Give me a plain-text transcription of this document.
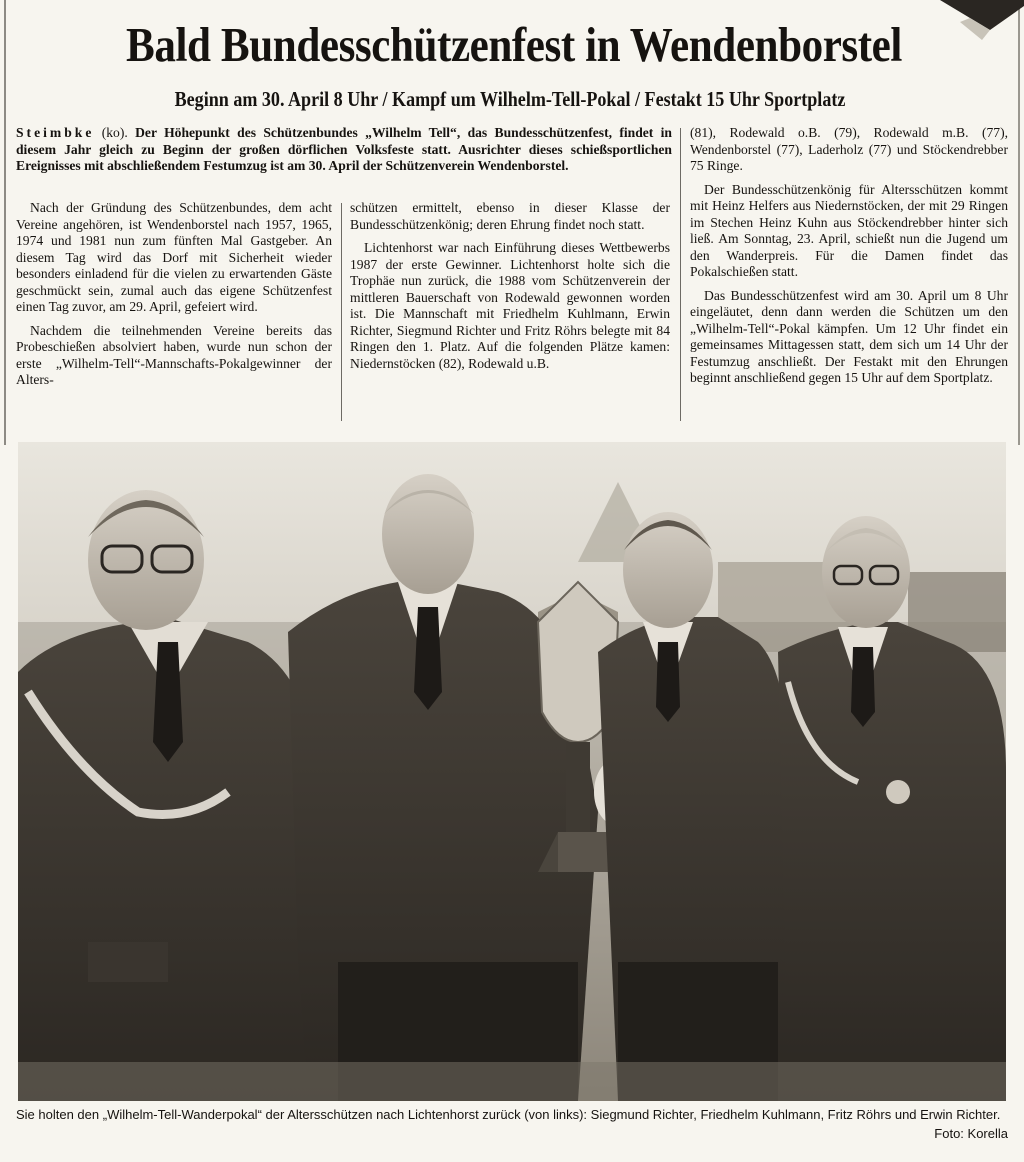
Bald Bundesschützenfest in Wendenborstel
Beginn am 30. April 8 Uhr / Kampf um Wilhelm-Tell-Pokal / Festakt 15 Uhr Sportplatz

Steimbke (ko). Der Höhepunkt des Schützenbundes „Wilhelm Tell“, das Bundesschützenfest, findet in diesem Jahr gleich zu Beginn der großen dörflichen Volksfeste statt. Ausrichter dieses schießsportlichen Ereignisses mit abschließendem Festumzug ist am 30. April der Schützenverein Wendenborstel.

Nach der Gründung des Schützenbundes, dem acht Vereine angehören, ist Wendenborstel nach 1957, 1965, 1974 und 1981 nun zum fünften Mal Gastgeber. An diesem Tag wird das Dorf mit Sicherheit wieder besonders einladend für die vielen zu erwartenden Gäste geschmückt sein, zumal auch das eigene Schützenfest einen Tag zuvor, am 29. April, gefeiert wird.

Nachdem die teilnehmenden Vereine bereits das Probeschießen absolviert haben, wurde nun schon der erste „Wilhelm-Tell“-Mannschafts-Pokalgewinner der Alters-

schützen ermittelt, ebenso in dieser Klasse der Bundesschützenkönig; deren Ehrung findet noch statt.

Lichtenhorst war nach Einführung dieses Wettbewerbs 1987 der erste Gewinner. Lichtenhorst holte sich die Trophäe nun zurück, die 1988 vom Schützenverein der mittleren Bauerschaft von Rodewald gewonnen worden ist. Die Mannschaft mit Friedhelm Kuhlmann, Erwin Richter, Siegmund Richter und Fritz Röhrs belegte mit 84 Ringen den 1. Platz. Auf die folgenden Plätze kamen: Niedernstöcken (82), Rodewald u.B.

(81), Rodewald o.B. (79), Rodewald m.B. (77), Wendenborstel (77), Laderholz (77) und Stöckendrebber 75 Ringe.

Der Bundesschützenkönig für Altersschützen kommt mit Heinz Helfers aus Niedernstöcken, der mit 29 Ringen im Stechen Heinz Kuhn aus Stöckendrebber hinter sich ließ. Am Sonntag, 23. April, schießt nun die Jugend um den Wanderpreis. Für die Damen findet das Pokalschießen statt.

Das Bundesschützenfest wird am 30. April um 8 Uhr eingeläutet, denn dann werden die Schützen um den „Wilhelm-Tell“-Pokal kämpfen. Um 12 Uhr findet ein gemeinsames Mittagessen statt, dem sich um 14 Uhr der Festumzug anschließt. Der Festakt mit den Ehrungen beginnt anschließend gegen 15 Uhr auf dem Sportplatz.

Sie holten den „Wilhelm-Tell-Wanderpokal“ der Altersschützen nach Lichtenhorst zurück (von links): Siegmund Richter, Friedhelm Kuhlmann, Fritz Röhrs und Erwin Richter.

Foto: Korella
